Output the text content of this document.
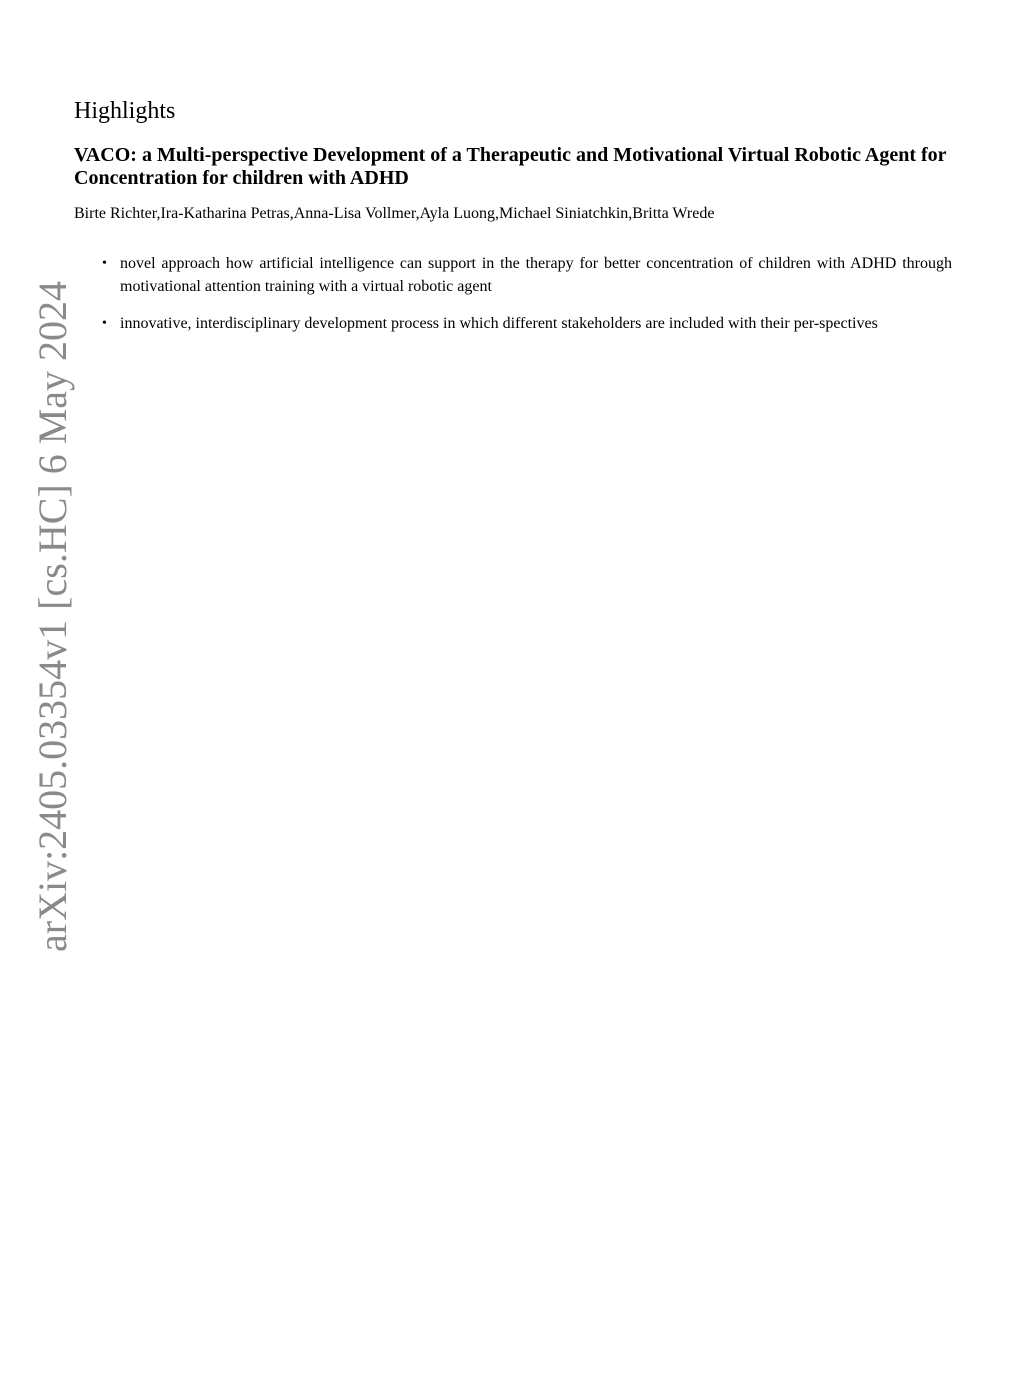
arXiv:2405.03354v1 [cs.HC] 6 May 2024
Highlights
VACO: a Multi-perspective Development of a Therapeutic and Motivational Virtual Robotic Agent for Concentration for children with ADHD
Birte Richter,Ira-Katharina Petras,Anna-Lisa Vollmer,Ayla Luong,Michael Siniatchkin,Britta Wrede
• novel approach how artificial intelligence can support in the therapy for better concentration of children with ADHD through motivational attention training with a virtual robotic agent
• innovative, interdisciplinary development process in which different stakeholders are included with their per-spectives
